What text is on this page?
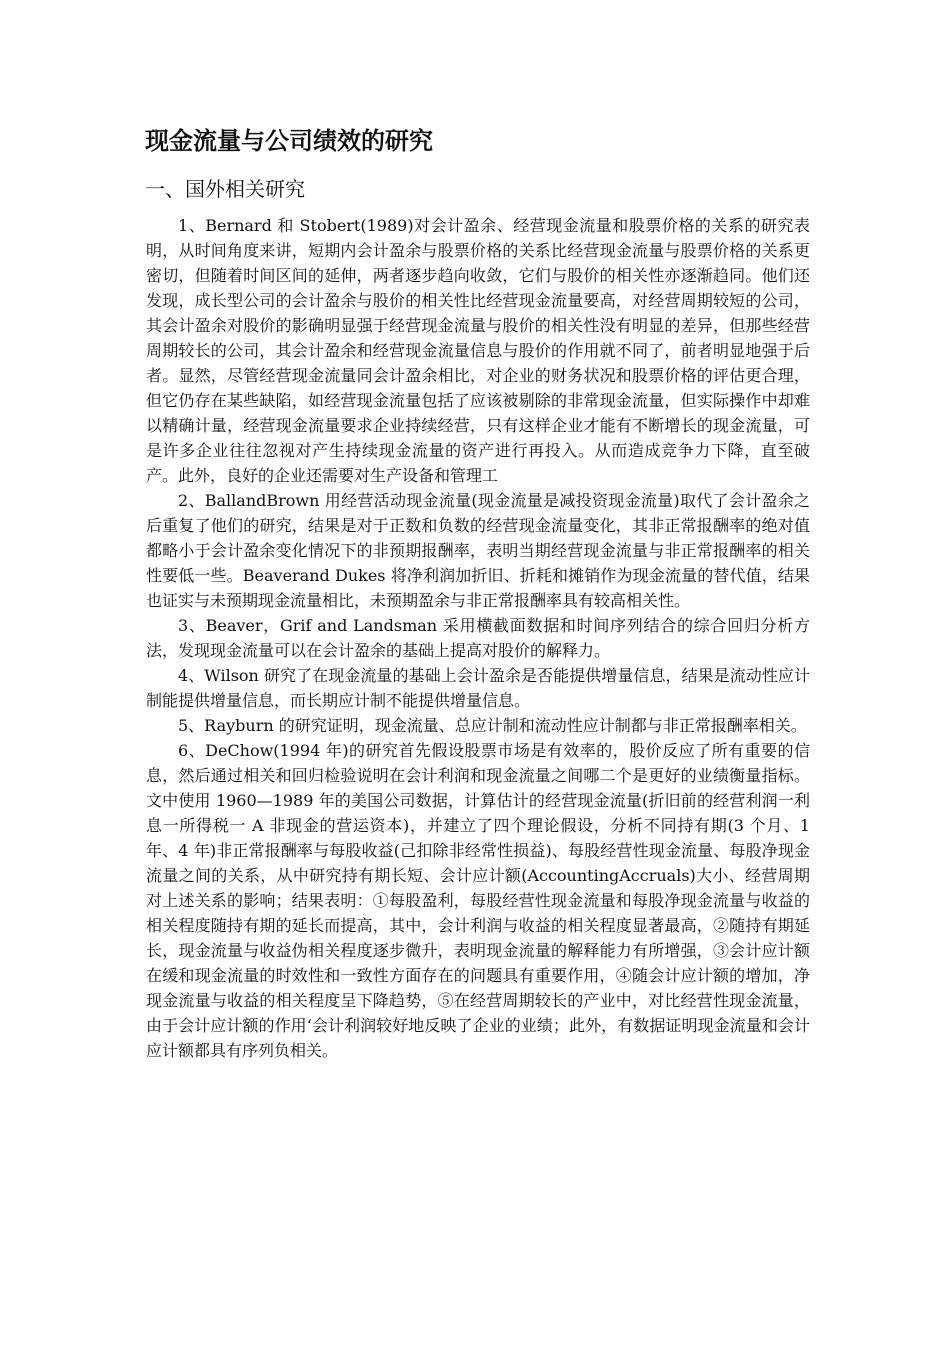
现金流量与公司绩效的研究
一、国外相关研究

1、Bernard 和 Stobert(1989)对会计盈余、经营现金流量和股票价格的关系的研究表明，从时间角度来讲，短期内会计盈余与股票价格的关系比经营现金流量与股票价格的关系更密切，但随着时间区间的延伸，两者逐步趋向收敛，它们与股价的相关性亦逐渐趋同。他们还发现，成长型公司的会计盈余与股价的相关性比经营现金流量要高，对经营周期较短的公司，其会计盈余对股价的影确明显强于经营现金流量与股价的相关性没有明显的差异，但那些经营周期较长的公司，其会计盈余和经营现金流量信息与股价的作用就不同了，前者明显地强于后者。显然，尽管经营现金流量同会计盈余相比，对企业的财务状况和股票价格的评估更合理，但它仍存在某些缺陷，如经营现金流量包括了应该被剔除的非常现金流量，但实际操作中却难以精确计量，经营现金流量要求企业持续经营，只有这样企业才能有不断增长的现金流量，可是许多企业往往忽视对产生持续现金流量的资产进行再投入。从而造成竞争力下降，直至破产。此外，良好的企业还需要对生产设备和管理工

2、BallandBrown 用经营活动现金流量(现金流量是减投资现金流量)取代了会计盈余之后重复了他们的研究，结果是对于正数和负数的经营现金流量变化，其非正常报酬率的绝对值都略小于会计盈余变化情况下的非预期报酬率，表明当期经营现金流量与非正常报酬率的相关性要低一些。Beaverand Dukes 将净利润加折旧、折耗和摊销作为现金流量的替代值，结果也证实与未预期现金流量相比，未预期盈余与非正常报酬率具有较高相关性。

3、Beaver，Grif and Landsman 采用横截面数据和时间序列结合的综合回归分析方法，发现现金流量可以在会计盈余的基础上提高对股价的解释力。

4、Wilson 研究了在现金流量的基础上会计盈余是否能提供增量信息，结果是流动性应计制能提供增量信息，而长期应计制不能提供增量信息。

5、Rayburn 的研究证明，现金流量、总应计制和流动性应计制都与非正常报酬率相关。

6、DeChow(1994 年)的研究首先假设股票市场是有效率的，股价反应了所有重要的信息，然后通过相关和回归检验说明在会计利润和现金流量之间哪二个是更好的业绩衡量指标。文中使用 1960—1989 年的美国公司数据，计算估计的经营现金流量(折旧前的经营利润一利息一所得税一 A 非现金的营运资本)，并建立了四个理论假设，分析不同持有期(3 个月、1 年、4 年)非正常报酬率与每股收益(己扣除非经常性损益)、每股经营性现金流量、每股净现金流量之间的关系，从中研究持有期长短、会计应计额(AccountingAccruals)大小、经营周期对上述关系的影响；结果表明：①每股盈利，每股经营性现金流量和每股净现金流量与收益的相关程度随持有期的延长而提高，其中，会计利润与收益的相关程度显著最高，②随持有期延长，现金流量与收益伪相关程度逐步微升，表明现金流量的解释能力有所增强，③会计应计额在缓和现金流量的时效性和一致性方面存在的问题具有重要作用，④随会计应计额的增加，净现金流量与收益的相关程度呈下降趋势，⑤在经营周期较长的产业中，对比经营性现金流量，由于会计应计额的作用‘会计利润较好地反映了企业的业绩；此外，有数据证明现金流量和会计应计额都具有序列负相关。
